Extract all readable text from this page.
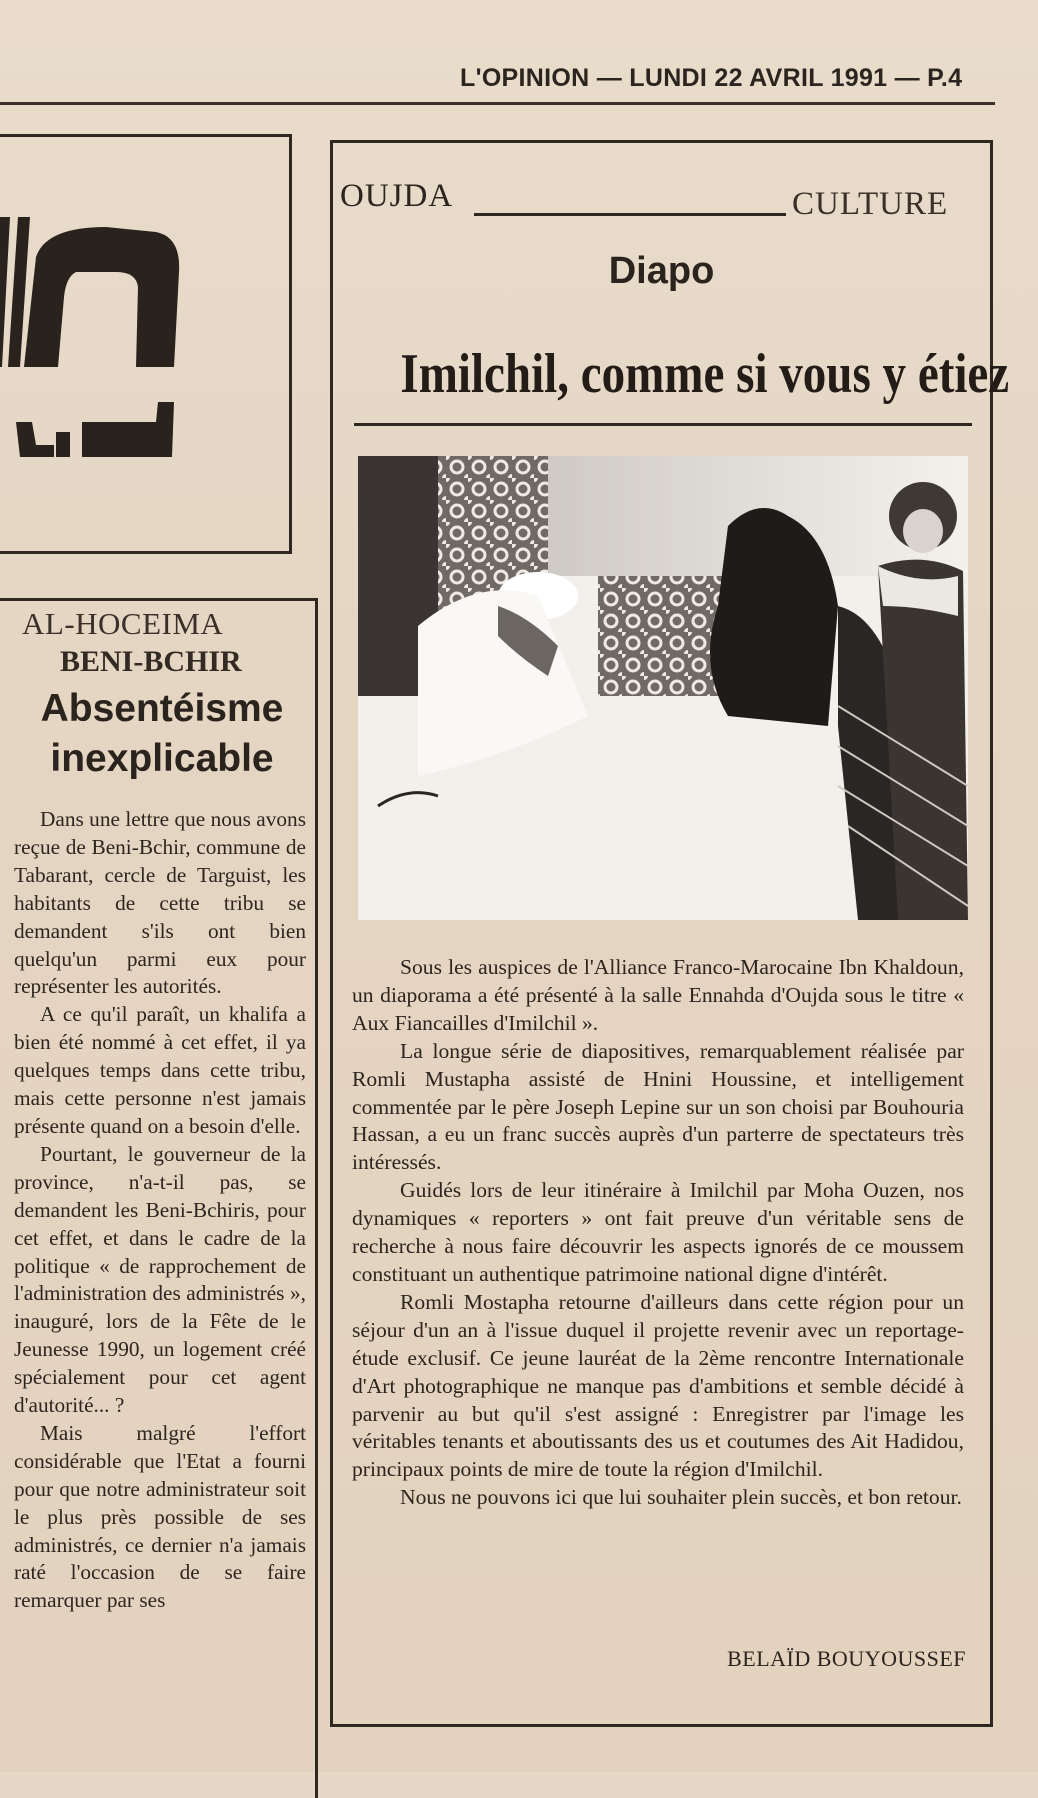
L'OPINION — LUNDI 22 AVRIL 1991 — P.4
AL-HOCEIMA
BENI-BCHIR
Absentéisme
inexplicable

Dans une lettre que nous avons reçue de Beni-Bchir, commune de Tabarant, cercle de Targuist, les habitants de cette tribu se demandent s'ils ont bien quelqu'un parmi eux pour représenter les autorités.

A ce qu'il paraît, un khalifa a bien été nommé à cet effet, il ya quelques temps dans cette tribu, mais cette personne n'est jamais présente quand on a besoin d'elle.

Pourtant, le gouverneur de la province, n'a-t-il pas, se demandent les Beni-Bchiris, pour cet effet, et dans le cadre de la politique « de rapprochement de l'administration des administrés », inauguré, lors de la Fête de le Jeunesse 1990, un logement créé spécialement pour cet agent d'autorité... ?

Mais malgré l'effort considérable que l'Etat a fourni pour que notre administrateur soit le plus près possible de ses administrés, ce dernier n'a jamais raté l'occasion de se faire remarquer par ses

OUJDA	CULTURE
Diapo
Imilchil, comme si vous y étiez

Sous les auspices de l'Alliance Franco-Marocaine Ibn Khaldoun, un diaporama a été présenté à la salle Ennahda d'Oujda sous le titre « Aux Fiancailles d'Imilchil ».

La longue série de diapositives, remarquablement réalisée par Romli Mustapha assisté de Hnini Houssine, et intelligement commentée par le père Joseph Lepine sur un son choisi par Bouhouria Hassan, a eu un franc succès auprès d'un parterre de spectateurs très intéressés.

Guidés lors de leur itinéraire à Imilchil par Moha Ouzen, nos dynamiques « reporters » ont fait preuve d'un véritable sens de recherche à nous faire découvrir les aspects ignorés de ce moussem constituant un authentique patrimoine national digne d'intérêt.

Romli Mostapha retourne d'ailleurs dans cette région pour un séjour d'un an à l'issue duquel il projette revenir avec un reportage-étude exclusif. Ce jeune lauréat de la 2ème rencontre Internationale d'Art photographique ne manque pas d'ambitions et semble décidé à parvenir au but qu'il s'est assigné : Enregistrer par l'image les véritables tenants et aboutissants des us et coutumes des Ait Hadidou, principaux points de mire de toute la région d'Imilchil.

Nous ne pouvons ici que lui souhaiter plein succès, et bon retour.

BELAÏD BOUYOUSSEF
